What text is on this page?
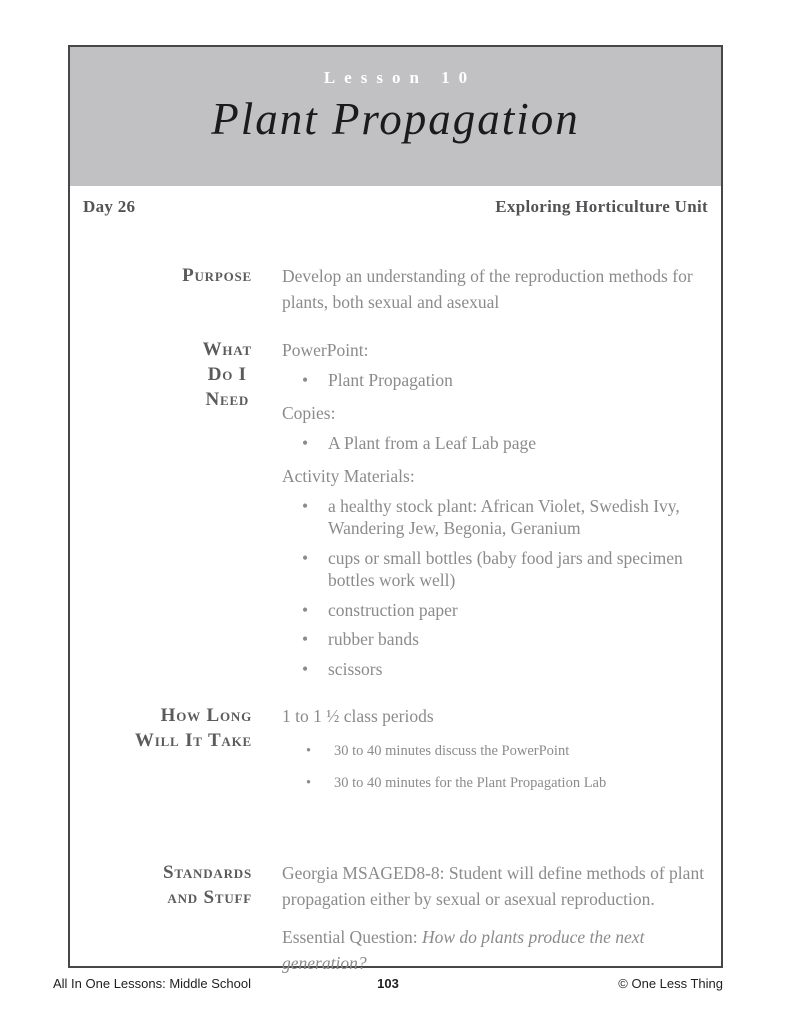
Lesson 10
Plant Propagation
Day 26	Exploring Horticulture Unit
Purpose Develop an understanding of the reproduction methods for plants, both sexual and asexual

What
Do I
Need

PowerPoint:

•	Plant Propagation

Copies:

•	A Plant from a Leaf Lab page

Activity Materials:

•	a healthy stock plant: African Violet, Swedish Ivy, Wandering Jew, Begonia, Geranium
•	cups or small bottles (baby food jars and specimen bottles work well)
•	construction paper
•	rubber bands
•	scissors
How Long
Will It Take

1 to 1 ½ class periods

•	30 to 40 minutes discuss the PowerPoint
•	30 to 40 minutes for the Plant Propagation Lab
Standards
and Stuff

Georgia MSAGED8-8: Student will define methods of plant propagation either by sexual or asexual reproduction.

Essential Question: How do plants produce the next generation?

All In One Lessons: Middle School	103	© One Less Thing
